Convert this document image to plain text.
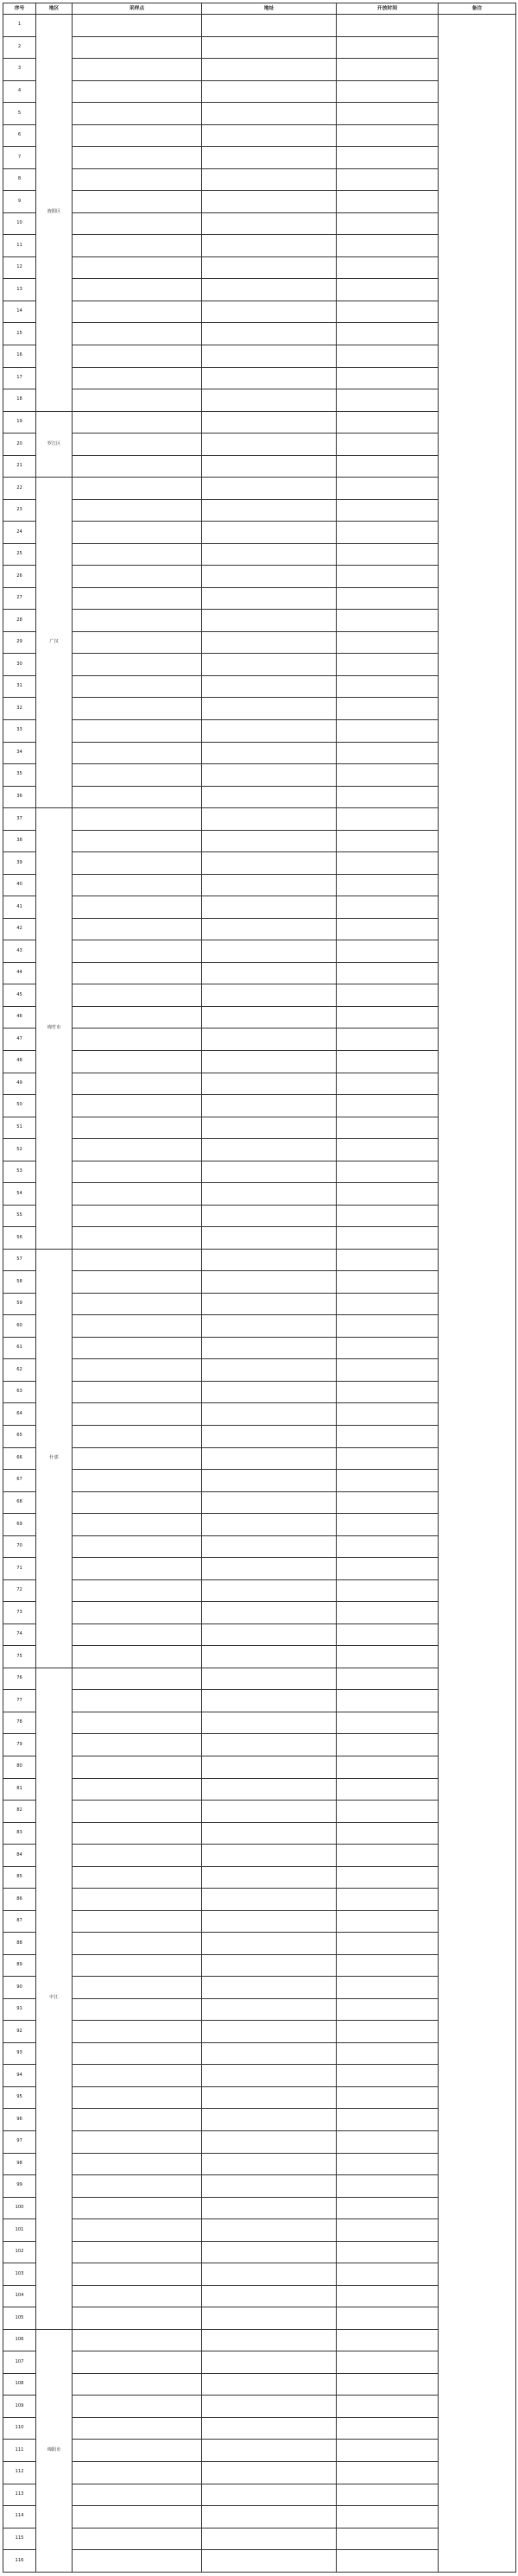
序号	地区	采样点	地址	开放时间	备注
1	旌阳区				
2					
3					
4					
5					
6					
7					
8					
9					
10					
11					
12					
13					
14					
15					
16					
17					
18					
19	罗江区				
20					
21					
22	广汉				
23					
24					
25					
26					
27					
28					
29					
30					
31					
32					
33					
34					
35					
36					
37	绵竹市				
38					
39					
40					
41					
42					
43					
44					
45					
46					
47					
48					
49					
50					
51					
52					
53					
54					
55					
56					
57	什邡				
58					
59					
60					
61					
62					
63					
64					
65					
66					
67					
68					
69					
70					
71					
72					
73					
74					
75					
76	中江				
77					
78					
79					
80					
81					
82					
83					
84					
85					
86					
87					
88					
89					
90					
91					
92					
93					
94					
95					
96					
97					
98					
99					
100					
101					
102					
103					
104					
105					
106	绵阳市				
107					
108					
109					
110					
111					
112					
113					
114					
115					
116					
